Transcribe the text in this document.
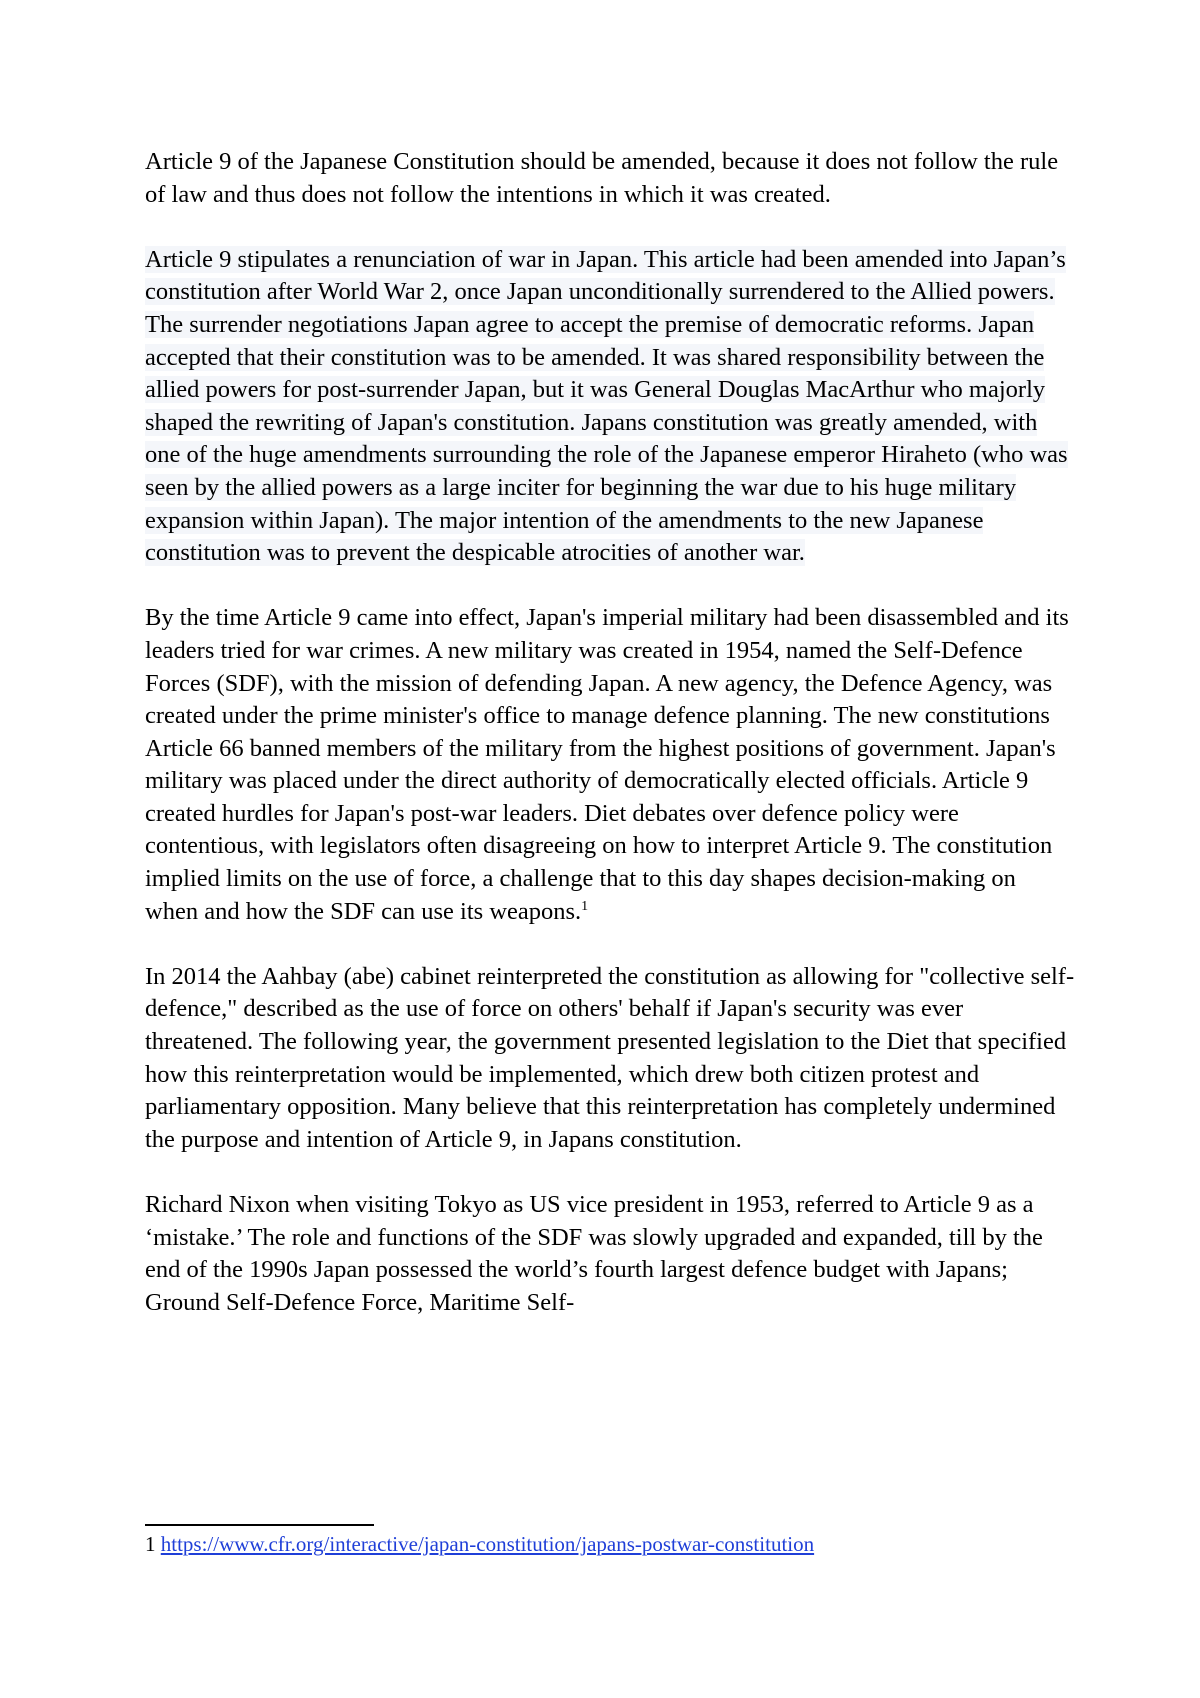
Article 9 of the Japanese Constitution should be amended, because it does not follow the rule of law and thus does not follow the intentions in which it was created.

Article 9 stipulates a renunciation of war in Japan. This article had been amended into Japan’s constitution after World War 2, once Japan unconditionally surrendered to the Allied powers. The surrender negotiations Japan agree to accept the premise of democratic reforms. Japan accepted that their constitution was to be amended. It was shared responsibility between the allied powers for post-surrender Japan, but it was General Douglas MacArthur who majorly shaped the rewriting of Japan's constitution. Japans constitution was greatly amended, with one of the huge amendments surrounding the role of the Japanese emperor Hiraheto (who was seen by the allied powers as a large inciter for beginning the war due to his huge military expansion within Japan). The major intention of the amendments to the new Japanese constitution was to prevent the despicable atrocities of another war.

By the time Article 9 came into effect, Japan's imperial military had been disassembled and its leaders tried for war crimes. A new military was created in 1954, named the Self-Defence Forces (SDF), with the mission of defending Japan. A new agency, the Defence Agency, was created under the prime minister's office to manage defence planning. The new constitutions Article 66 banned members of the military from the highest positions of government. Japan's military was placed under the direct authority of democratically elected officials. Article 9 created hurdles for Japan's post-war leaders. Diet debates over defence policy were contentious, with legislators often disagreeing on how to interpret Article 9. The constitution implied limits on the use of force, a challenge that to this day shapes decision-making on when and how the SDF can use its weapons.$^1$

In 2014 the Aahbay (abe) cabinet reinterpreted the constitution as allowing for "collective self-defence," described as the use of force on others' behalf if Japan's security was ever threatened. The following year, the government presented legislation to the Diet that specified how this reinterpretation would be implemented, which drew both citizen protest and parliamentary opposition. Many believe that this reinterpretation has completely undermined the purpose and intention of Article 9, in Japans constitution.

Richard Nixon when visiting Tokyo as US vice president in 1953, referred to Article 9 as a ‘mistake.’ The role and functions of the SDF was slowly upgraded and expanded, till by the end of the 1990s Japan possessed the world’s fourth largest defence budget with Japans; Ground Self-Defence Force, Maritime Self-

1 https://www.cfr.org/interactive/japan-constitution/japans-postwar-constitution
